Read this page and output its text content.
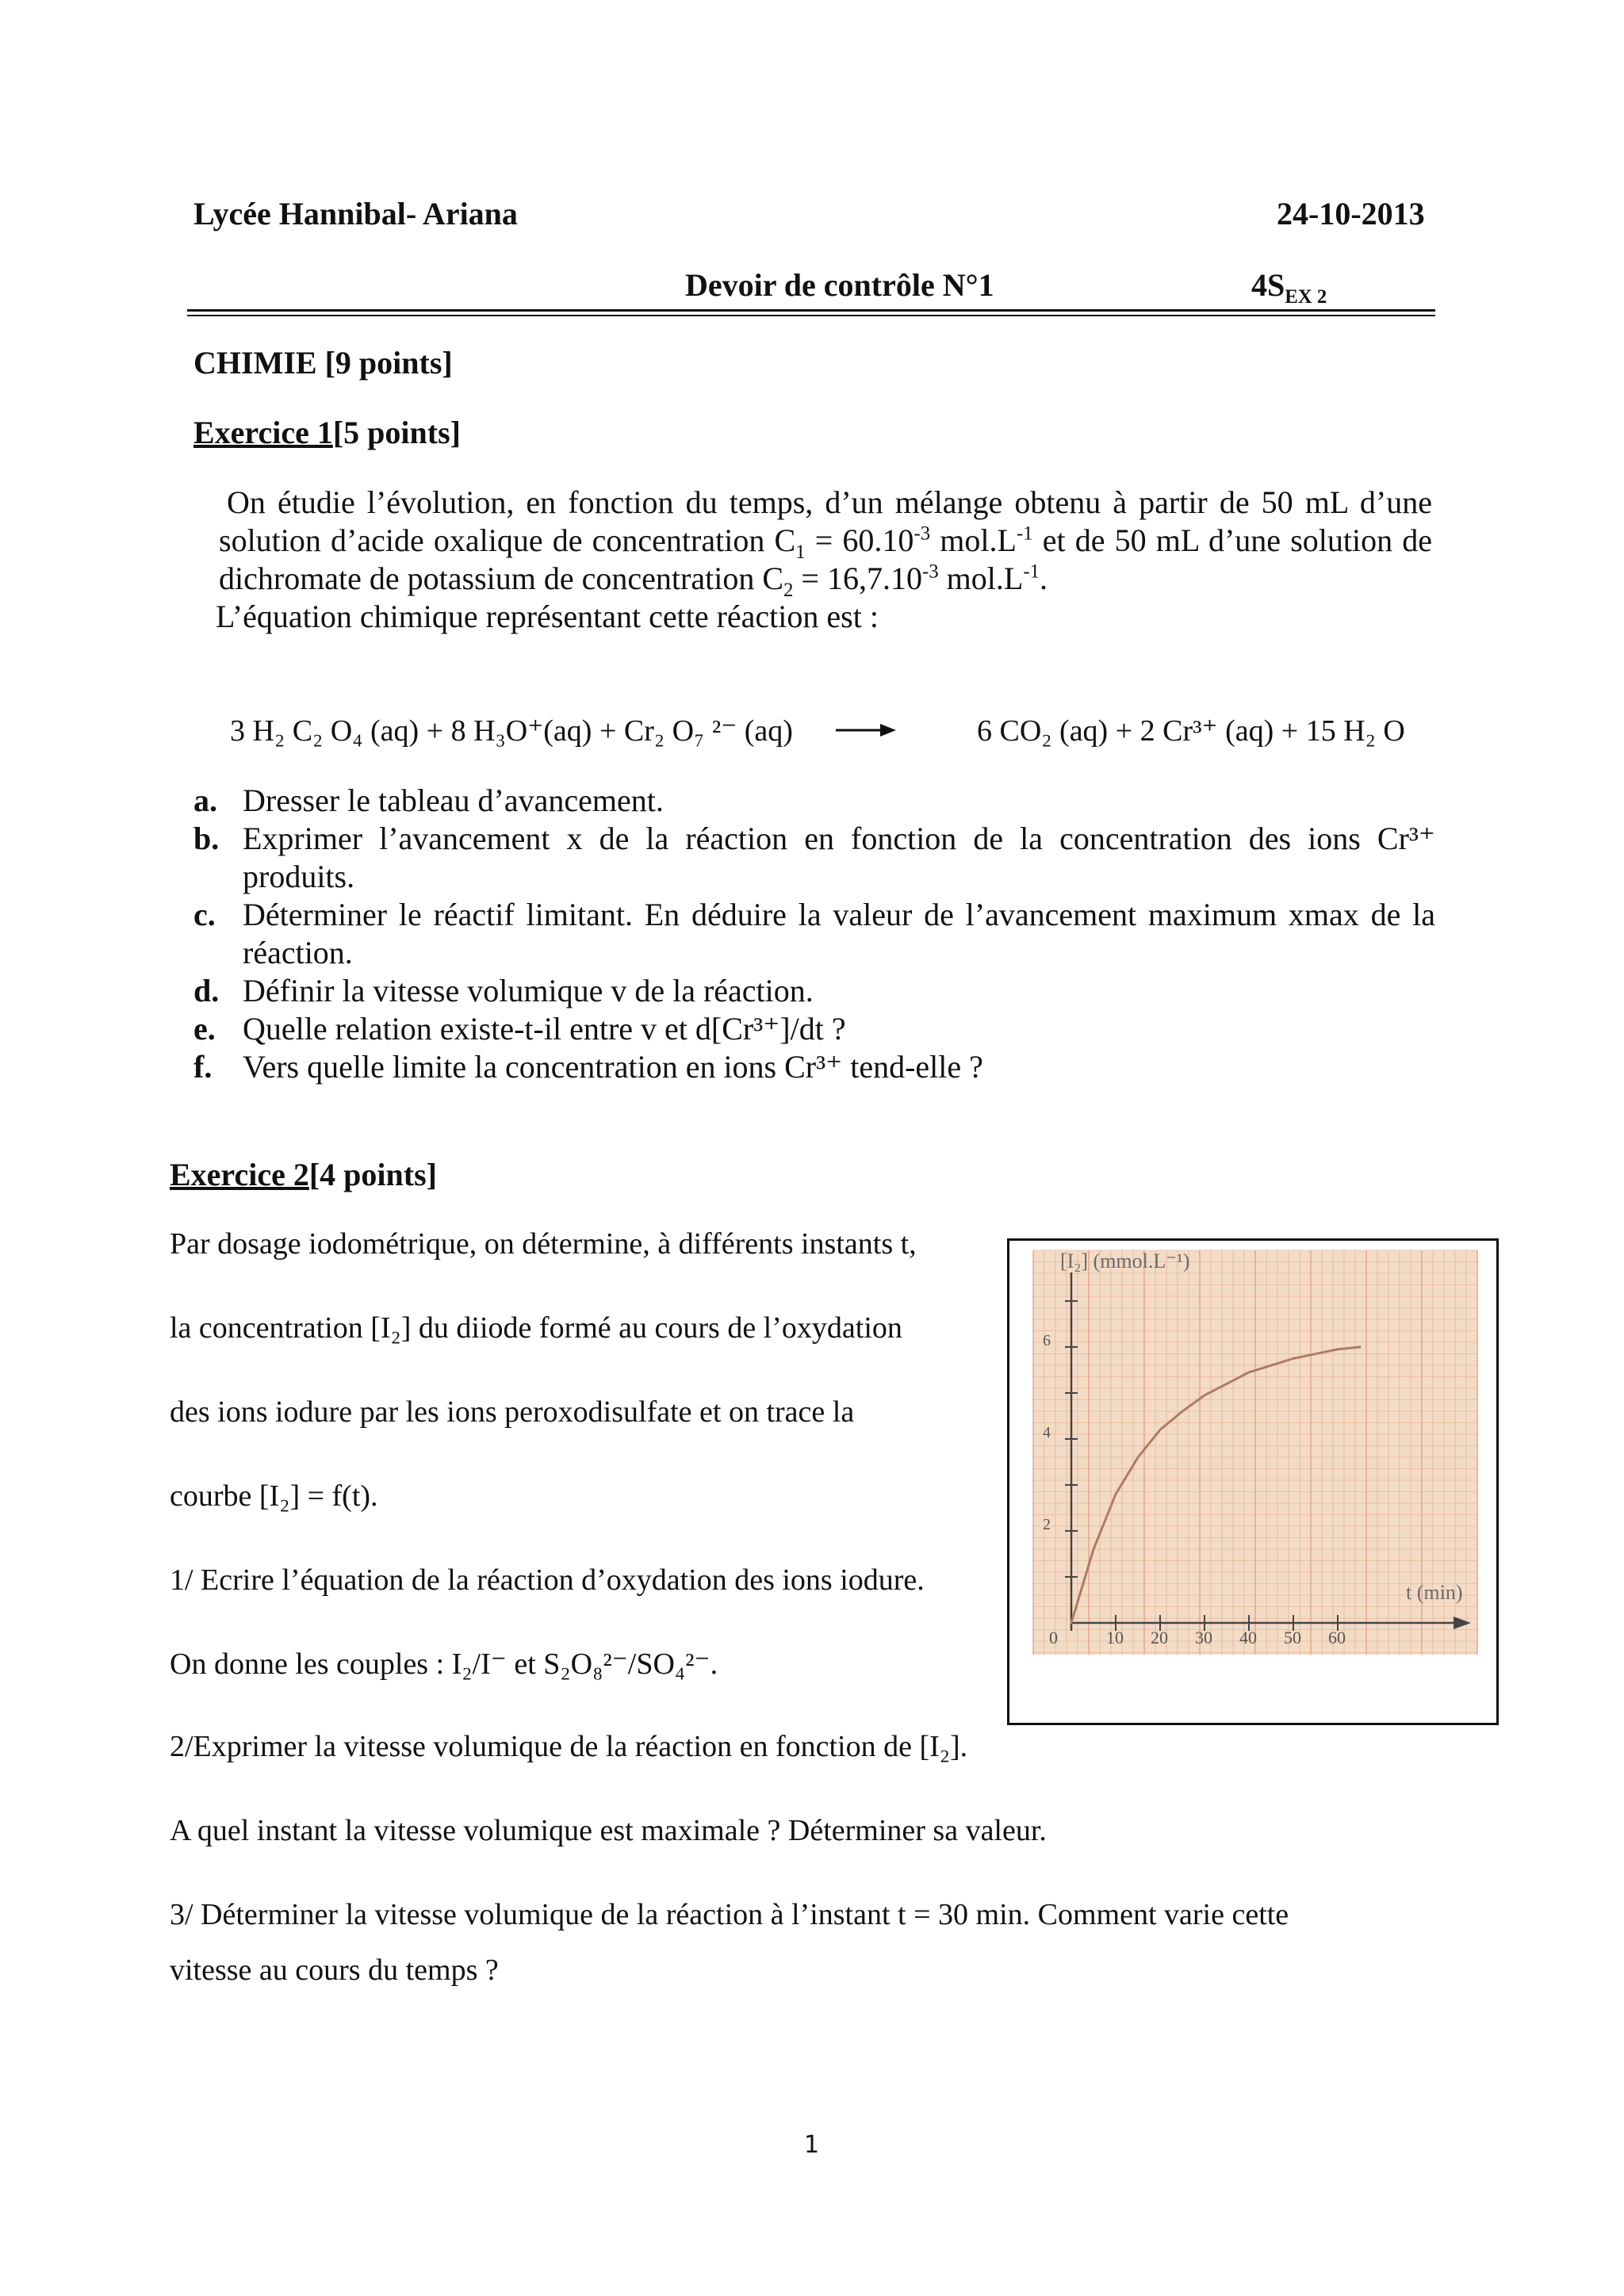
Lycée Hannibal- Ariana	24-10-2013
Devoir de contrôle N°1	$4S_{EX 2}$
CHIMIE [9 points]
Exercice 1[5 points]
On étudie l’évolution, en fonction du temps, d’un mélange obtenu à partir de 50 mL d’une solution d’acide oxalique de concentration $C_1 = 60.10^{-3}$ $mol.L^{-1}$ et de 50 mL d’une solution de dichromate de potassium de concentration $C_2 = 16,7.10^{-3}$ $mol.L^{-1}$.
L’équation chimique représentant cette réaction est :
3 H₂ C₂ O₄ (aq) + 8 H₃O⁺(aq) + Cr₂ O₇ ²⁻ (aq)	6 CO₂ (aq) + 2 Cr³⁺ (aq) + 15 H₂ O
a. Dresser le tableau d’avancement.
b. Exprimer l’avancement x de la réaction en fonction de la concentration des ions Cr³⁺ produits.
c. Déterminer le réactif limitant. En déduire la valeur de l’avancement maximum xmax de la réaction.
d. Définir la vitesse volumique v de la réaction.
e. Quelle relation existe-t-il entre v et d[Cr³⁺]/dt ?
f. Vers quelle limite la concentration en ions Cr³⁺ tend-elle ?
Exercice 2[4 points]
Par dosage iodométrique, on détermine, à différents instants t,
la concentration [I₂] du diiode formé au cours de l’oxydation
des ions iodure par les ions peroxodisulfate et on trace la
courbe [I₂] = f(t).
1/ Ecrire l’équation de la réaction d’oxydation des ions iodure.
On donne les couples : I₂/I⁻ et S₂O₈²⁻/SO₄²⁻.
2/Exprimer la vitesse volumique de la réaction en fonction de [I₂].
A quel instant la vitesse volumique est maximale ? Déterminer sa valeur.
3/ Déterminer la vitesse volumique de la réaction à l’instant t = 30 min. Comment varie cette
vitesse au cours du temps ?
2
4
6
0	10 20 30 40 50 60
[I₂] (mmol.L⁻¹)
t (min)
1
